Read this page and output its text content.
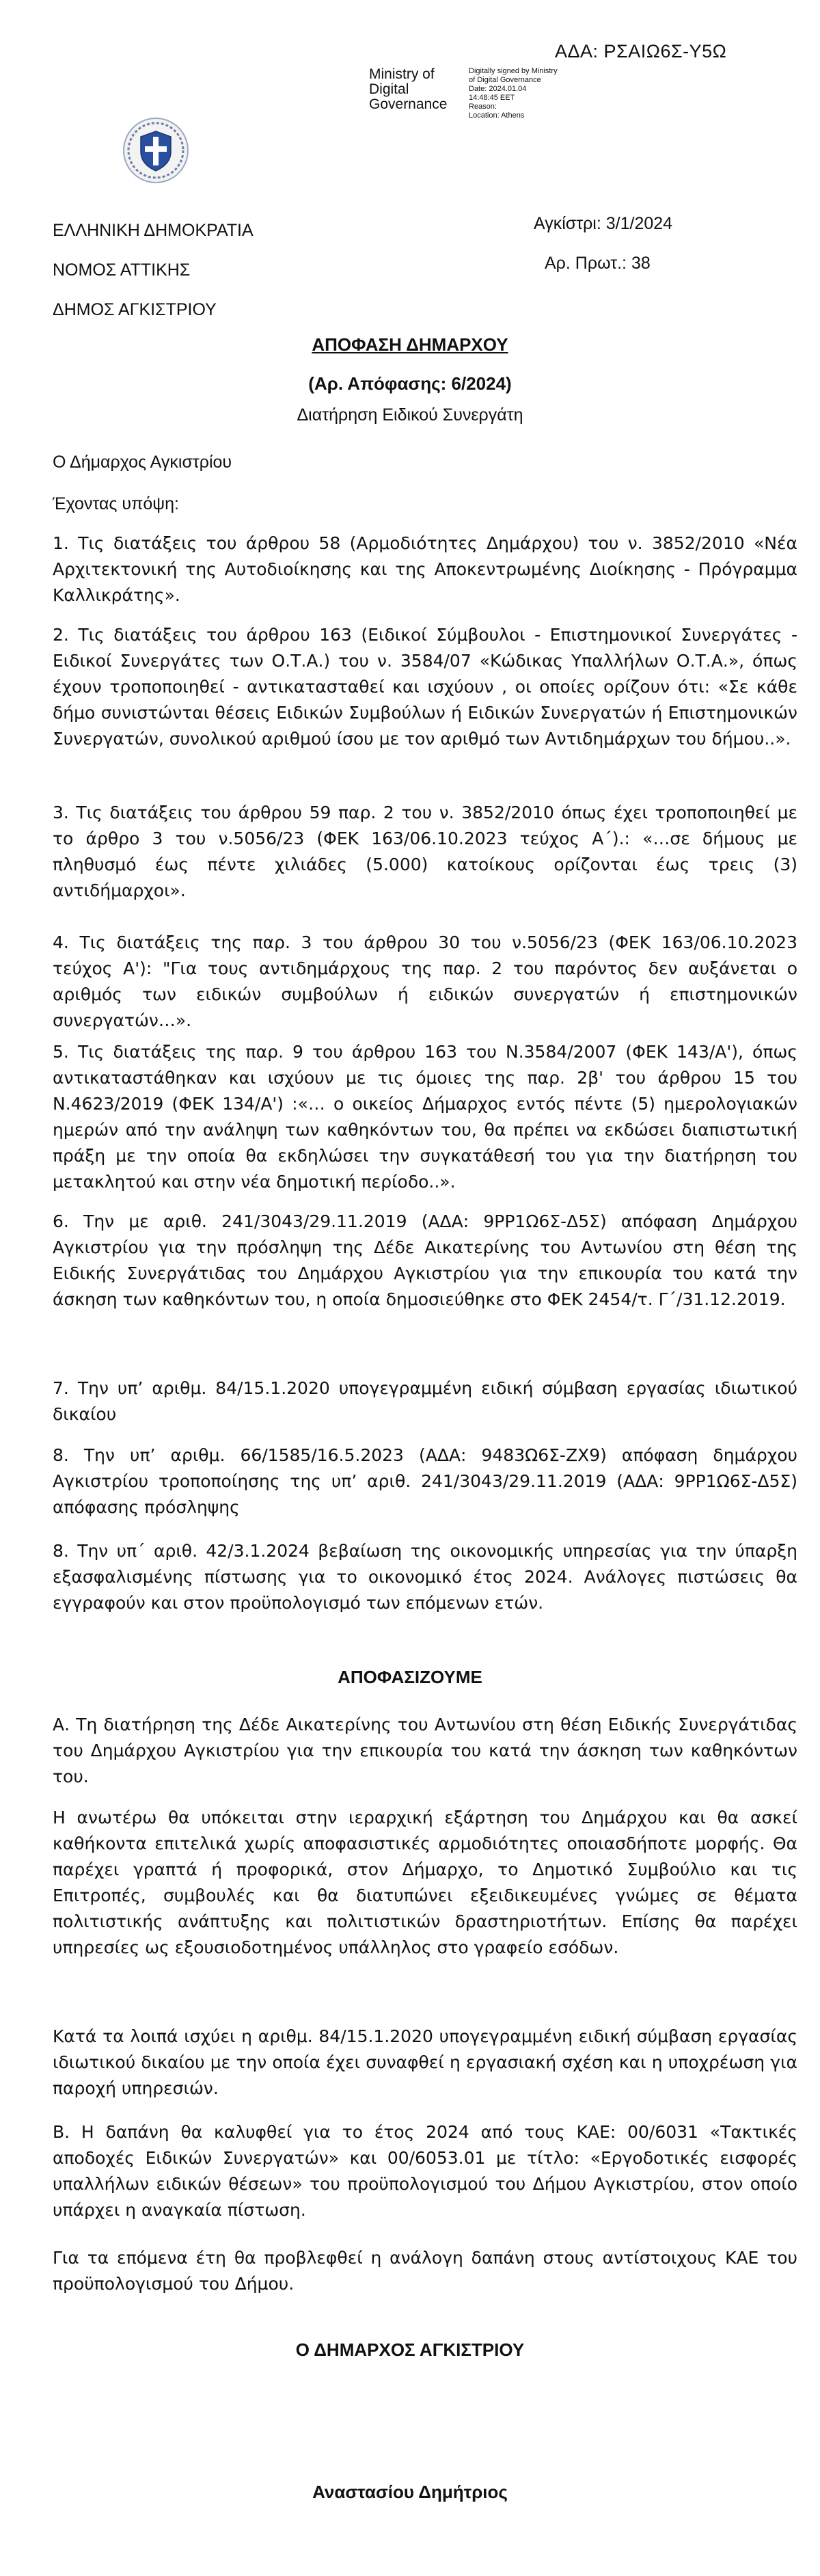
ΑΔΑ: ΡΣΑΙΩ6Σ-Υ5Ω
Ministry of
Digital
Governance
Digitally signed by Ministry
of Digital Governance
Date: 2024.01.04
14:48:45 EET
Reason:
Location: Athens
ΕΛΛΗΝΙΚΗ ΔΗΜΟΚΡΑΤΙΑ
ΝΟΜΟΣ ΑΤΤΙΚΗΣ
ΔΗΜΟΣ ΑΓΚΙΣΤΡΙΟΥ
Αγκίστρι: 3/1/2024
Αρ. Πρωτ.: 38
ΑΠΟΦΑΣΗ ΔΗΜΑΡΧΟΥ
(Αρ. Απόφασης: 6/2024)
Διατήρηση Ειδικού Συνεργάτη
Ο Δήμαρχος Αγκιστρίου
Έχοντας υπόψη:

1. Τις διατάξεις του άρθρου 58 (Αρμοδιότητες Δημάρχου) του ν. 3852/2010 «Νέα Αρχιτεκτονική της Αυτοδιοίκησης και της Αποκεντρωμένης Διοίκησης - Πρόγραμμα Καλλικράτης».

2. Τις διατάξεις του άρθρου 163 (Ειδικοί Σύμβουλοι - Επιστημονικοί Συνεργάτες - Ειδικοί Συνεργάτες των Ο.Τ.Α.) του ν. 3584/07 «Κώδικας Υπαλλήλων Ο.Τ.Α.», όπως έχουν τροποποιηθεί - αντικατασταθεί και ισχύουν , οι οποίες ορίζουν ότι: «Σε κάθε δήμο συνιστώνται θέσεις Ειδικών Συμβούλων ή Ειδικών Συνεργατών ή Επιστημονικών Συνεργατών, συνολικού αριθμού ίσου με τον αριθμό των Αντιδημάρχων του δήμου..».

3. Τις διατάξεις του άρθρου 59 παρ. 2 του ν. 3852/2010 όπως έχει τροποποιηθεί με το άρθρο 3 του ν.5056/23 (ΦΕΚ 163/06.10.2023 τεύχος Α΄).: «…σε δήμους με πληθυσμό έως πέντε χιλιάδες (5.000) κατοίκους ορίζονται έως τρεις (3) αντιδήμαρχοι».

4. Τις διατάξεις της παρ. 3 του άρθρου 30 του ν.5056/23 (ΦΕΚ 163/06.10.2023 τεύχος Α'): "Για τους αντιδημάρχους της παρ. 2 του παρόντος δεν αυξάνεται ο αριθμός των ειδικών συμβούλων ή ειδικών συνεργατών ή επιστημονικών συνεργατών…».

5. Τις διατάξεις της παρ. 9 του άρθρου 163 του Ν.3584/2007 (ΦΕΚ 143/Α'), όπως αντικαταστάθηκαν και ισχύουν με τις όμοιες της παρ. 2β' του άρθρου 15 του Ν.4623/2019 (ΦΕΚ 134/Α') :«… ο οικείος Δήμαρχος εντός πέντε (5) ημερολογιακών ημερών από την ανάληψη των καθηκόντων του, θα πρέπει να εκδώσει διαπιστωτική πράξη με την οποία θα εκδηλώσει την συγκατάθεσή του για την διατήρηση του μετακλητού και στην νέα δημοτική περίοδο..».

6. Την με αριθ. 241/3043/29.11.2019 (ΑΔΑ: 9ΡΡ1Ω6Σ-Δ5Σ) απόφαση Δημάρχου Αγκιστρίου για την πρόσληψη της Δέδε Αικατερίνης του Αντωνίου στη θέση της Ειδικής Συνεργάτιδας του Δημάρχου Αγκιστρίου για την επικουρία του κατά την άσκηση των καθηκόντων του, η οποία δημοσιεύθηκε στο ΦΕΚ 2454/τ. Γ΄/31.12.2019.

7. Την υπ’ αριθμ. 84/15.1.2020 υπογεγραμμένη ειδική σύμβαση εργασίας ιδιωτικού δικαίου

8. Την υπ’ αριθμ. 66/1585/16.5.2023 (ΑΔΑ: 9483Ω6Σ-ΖΧ9) απόφαση δημάρχου Αγκιστρίου τροποποίησης της υπ’ αριθ. 241/3043/29.11.2019 (ΑΔΑ: 9ΡΡ1Ω6Σ-Δ5Σ) απόφασης πρόσληψης

8. Την υπ΄ αριθ. 42/3.1.2024 βεβαίωση της οικονομικής υπηρεσίας για την ύπαρξη εξασφαλισμένης πίστωσης για το οικονομικό έτος 2024. Ανάλογες πιστώσεις θα εγγραφούν και στον προϋπολογισμό των επόμενων ετών.

ΑΠΟΦΑΣΙΖΟΥΜΕ

Α. Τη διατήρηση της Δέδε Αικατερίνης του Αντωνίου στη θέση Ειδικής Συνεργάτιδας του Δημάρχου Αγκιστρίου για την επικουρία του κατά την άσκηση των καθηκόντων του.

Η ανωτέρω θα υπόκειται στην ιεραρχική εξάρτηση του Δημάρχου και θα ασκεί καθήκοντα επιτελικά χωρίς αποφασιστικές αρμοδιότητες οποιασδήποτε μορφής. Θα παρέχει γραπτά ή προφορικά, στον Δήμαρχο, το Δημοτικό Συμβούλιο και τις Επιτροπές, συμβουλές και θα διατυπώνει εξειδικευμένες γνώμες σε θέματα πολιτιστικής ανάπτυξης και πολιτιστικών δραστηριοτήτων. Επίσης θα παρέχει υπηρεσίες ως εξουσιοδοτημένος υπάλληλος στο γραφείο εσόδων.

Κατά τα λοιπά ισχύει η αριθμ. 84/15.1.2020 υπογεγραμμένη ειδική σύμβαση εργασίας ιδιωτικού δικαίου με την οποία έχει συναφθεί η εργασιακή σχέση και η υποχρέωση για παροχή υπηρεσιών.

Β. Η δαπάνη θα καλυφθεί για το έτος 2024 από τους ΚΑΕ: 00/6031 «Τακτικές αποδοχές Ειδικών Συνεργατών» και 00/6053.01 με τίτλο: «Εργοδοτικές εισφορές υπαλλήλων ειδικών θέσεων» του προϋπολογισμού του Δήμου Αγκιστρίου, στον οποίο υπάρχει η αναγκαία πίστωση.

Για τα επόμενα έτη θα προβλεφθεί η ανάλογη δαπάνη στους αντίστοιχους ΚΑΕ του προϋπολογισμού του Δήμου.

Ο ΔΗΜΑΡΧΟΣ ΑΓΚΙΣΤΡΙΟΥ
Αναστασίου Δημήτριος
